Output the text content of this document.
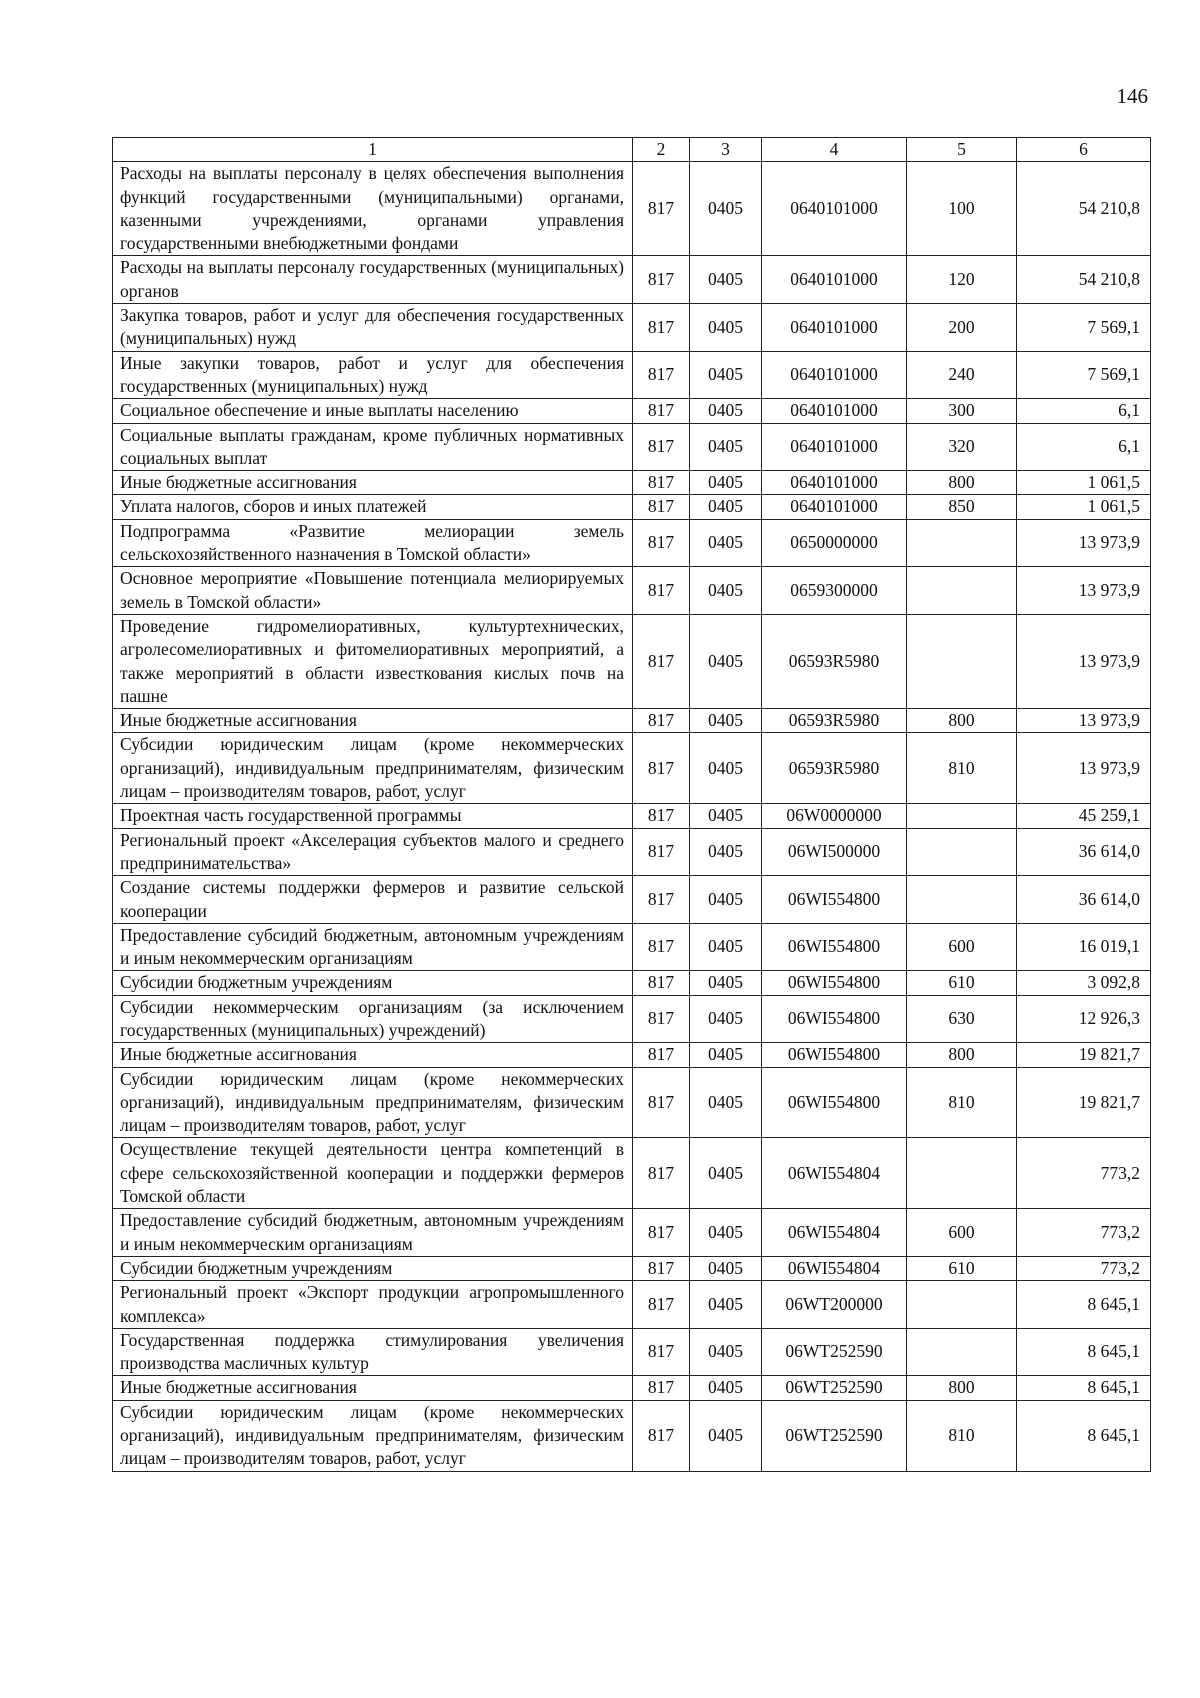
146
1	2	3	4	5	6
Расходы на выплаты персоналу в целях обеспечения выполнения функций государственными (муниципальными) органами, казенными учреждениями, органами управления государственными внебюджетными фондами	817	0405	0640101000	100	54 210,8
Расходы на выплаты персоналу государственных (муниципальных) органов	817	0405	0640101000	120	54 210,8
Закупка товаров, работ и услуг для обеспечения государственных (муниципальных) нужд	817	0405	0640101000	200	7 569,1
Иные закупки товаров, работ и услуг для обеспечения государственных (муниципальных) нужд	817	0405	0640101000	240	7 569,1
Социальное обеспечение и иные выплаты населению	817	0405	0640101000	300	6,1
Социальные выплаты гражданам, кроме публичных нормативных социальных выплат	817	0405	0640101000	320	6,1
Иные бюджетные ассигнования	817	0405	0640101000	800	1 061,5
Уплата налогов, сборов и иных платежей	817	0405	0640101000	850	1 061,5
Подпрограмма «Развитие мелиорации земель сельскохозяйственного назначения в Томской области»	817	0405	0650000000		13 973,9
Основное мероприятие «Повышение потенциала мелиорируемых земель в Томской области»	817	0405	0659300000		13 973,9
Проведение гидромелиоративных, культуртехнических, агролесомелиоративных и фитомелиоративных мероприятий, а также мероприятий в области известкования кислых почв на пашне	817	0405	06593R5980		13 973,9
Иные бюджетные ассигнования	817	0405	06593R5980	800	13 973,9
Субсидии юридическим лицам (кроме некоммерческих организаций), индивидуальным предпринимателям, физическим лицам – производителям товаров, работ, услуг	817	0405	06593R5980	810	13 973,9
Проектная часть государственной программы	817	0405	06W0000000		45 259,1
Региональный проект «Акселерация субъектов малого и среднего предпринимательства»	817	0405	06WI500000		36 614,0
Создание системы поддержки фермеров и развитие сельской кооперации	817	0405	06WI554800		36 614,0
Предоставление субсидий бюджетным, автономным учреждениям и иным некоммерческим организациям	817	0405	06WI554800	600	16 019,1
Субсидии бюджетным учреждениям	817	0405	06WI554800	610	3 092,8
Субсидии некоммерческим организациям (за исключением государственных (муниципальных) учреждений)	817	0405	06WI554800	630	12 926,3
Иные бюджетные ассигнования	817	0405	06WI554800	800	19 821,7
Субсидии юридическим лицам (кроме некоммерческих организаций), индивидуальным предпринимателям, физическим лицам – производителям товаров, работ, услуг	817	0405	06WI554800	810	19 821,7
Осуществление текущей деятельности центра компетенций в сфере сельскохозяйственной кооперации и поддержки фермеров Томской области	817	0405	06WI554804		773,2
Предоставление субсидий бюджетным, автономным учреждениям и иным некоммерческим организациям	817	0405	06WI554804	600	773,2
Субсидии бюджетным учреждениям	817	0405	06WI554804	610	773,2
Региональный проект «Экспорт продукции агропромышленного комплекса»	817	0405	06WT200000		8 645,1
Государственная поддержка стимулирования увеличения производства масличных культур	817	0405	06WT252590		8 645,1
Иные бюджетные ассигнования	817	0405	06WT252590	800	8 645,1
Субсидии юридическим лицам (кроме некоммерческих организаций), индивидуальным предпринимателям, физическим лицам – производителям товаров, работ, услуг	817	0405	06WT252590	810	8 645,1
